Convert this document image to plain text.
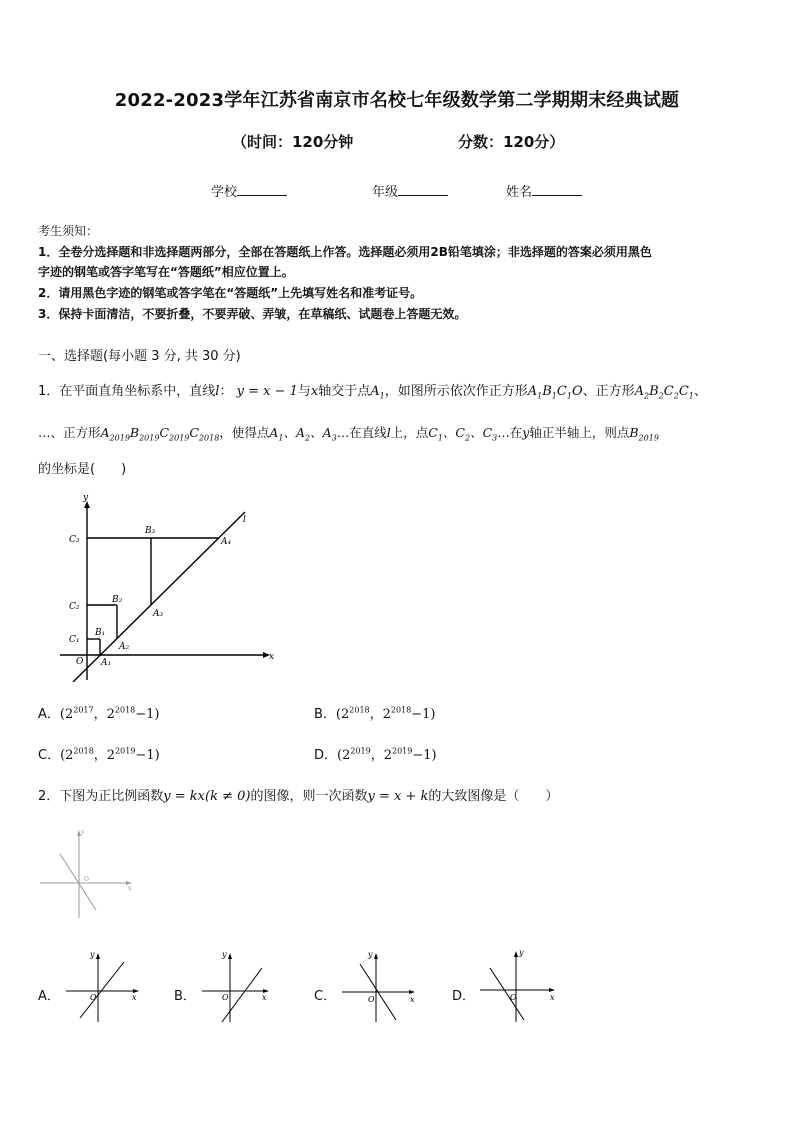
2022-2023学年江苏省南京市名校七年级数学第二学期期末经典试题
（时间：120分钟	分数：120分）
学校	年级	姓名
考生须知：
1．全卷分选择题和非选择题两部分，全部在答题纸上作答。选择题必须用2B铅笔填涂；非选择题的答案必须用黑色
字迹的钢笔或答字笔写在“答题纸”相应位置上。
2．请用黑色字迹的钢笔或答字笔在“答题纸”上先填写姓名和准考证号。
3．保持卡面清洁，不要折叠，不要弄破、弄皱，在草稿纸、试题卷上答题无效。
一、选择题(每小题 3 分, 共 30 分)
1．在平面直角坐标系中，直线l： y = x − 1与x轴交于点$A_1$，如图所示依次作正方形$A_1B_1C_1O$、正方形$A_2B_2C_2C_1$、
…、正方形$A_{2019}B_{2019}C_{2019}C_{2018}$，使得点$A_1$、$A_2$、$A_3\dots$在直线l上，点$C_1$、$C_2$、$C_3\dots$在y轴正半轴上，则点$B_{2019}$
的坐标是(　　)
y
x
O
l
C₁
C₂
C₃
B₁
B₂
B₃
A₁
A₂
A₃
A₄
A．($2^{2017}$，$2^{2018}-1$)	B．($2^{2018}$，$2^{2018}-1$)
C．($2^{2018}$，$2^{2019}-1$)	D．($2^{2019}$，$2^{2019}-1$)
2．下图为正比例函数y = kx(k ≠ 0)的图像，则一次函数y = x + k的大致图像是（　　）
y
x
O
A．
y
x
O	B．
y
x
O	C．
y
x
O	D．
y
x
O
